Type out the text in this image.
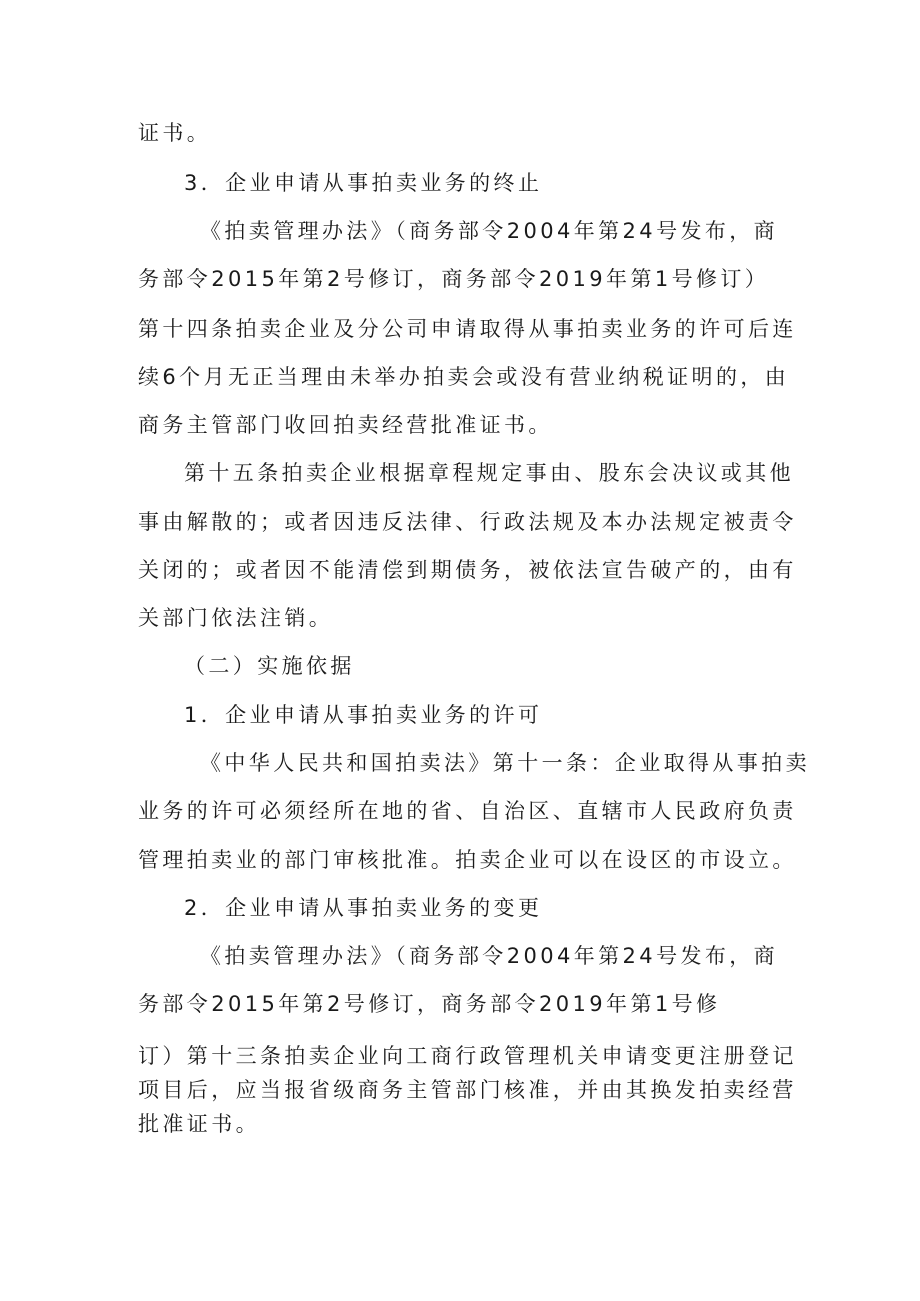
证书。

3．企业申请从事拍卖业务的终止

《拍卖管理办法》（商务部令2004年第24号发布，商

务部令2015年第2号修订，商务部令2019年第1号修订）

第十四条拍卖企业及分公司申请取得从事拍卖业务的许可后连

续6个月无正当理由未举办拍卖会或没有营业纳税证明的，由

商务主管部门收回拍卖经营批准证书。

第十五条拍卖企业根据章程规定事由、股东会决议或其他

事由解散的；或者因违反法律、行政法规及本办法规定被责令

关闭的；或者因不能清偿到期债务，被依法宣告破产的，由有

关部门依法注销。

（二）实施依据

1．企业申请从事拍卖业务的许可

《中华人民共和国拍卖法》第十一条：企业取得从事拍卖

业务的许可必须经所在地的省、自治区、直辖市人民政府负责

管理拍卖业的部门审核批准。拍卖企业可以在设区的市设立。

2．企业申请从事拍卖业务的变更

《拍卖管理办法》（商务部令2004年第24号发布，商

务部令2015年第2号修订，商务部令2019年第1号修

订）第十三条拍卖企业向工商行政管理机关申请变更注册登记

项目后，应当报省级商务主管部门核准，并由其换发拍卖经营

批准证书。
